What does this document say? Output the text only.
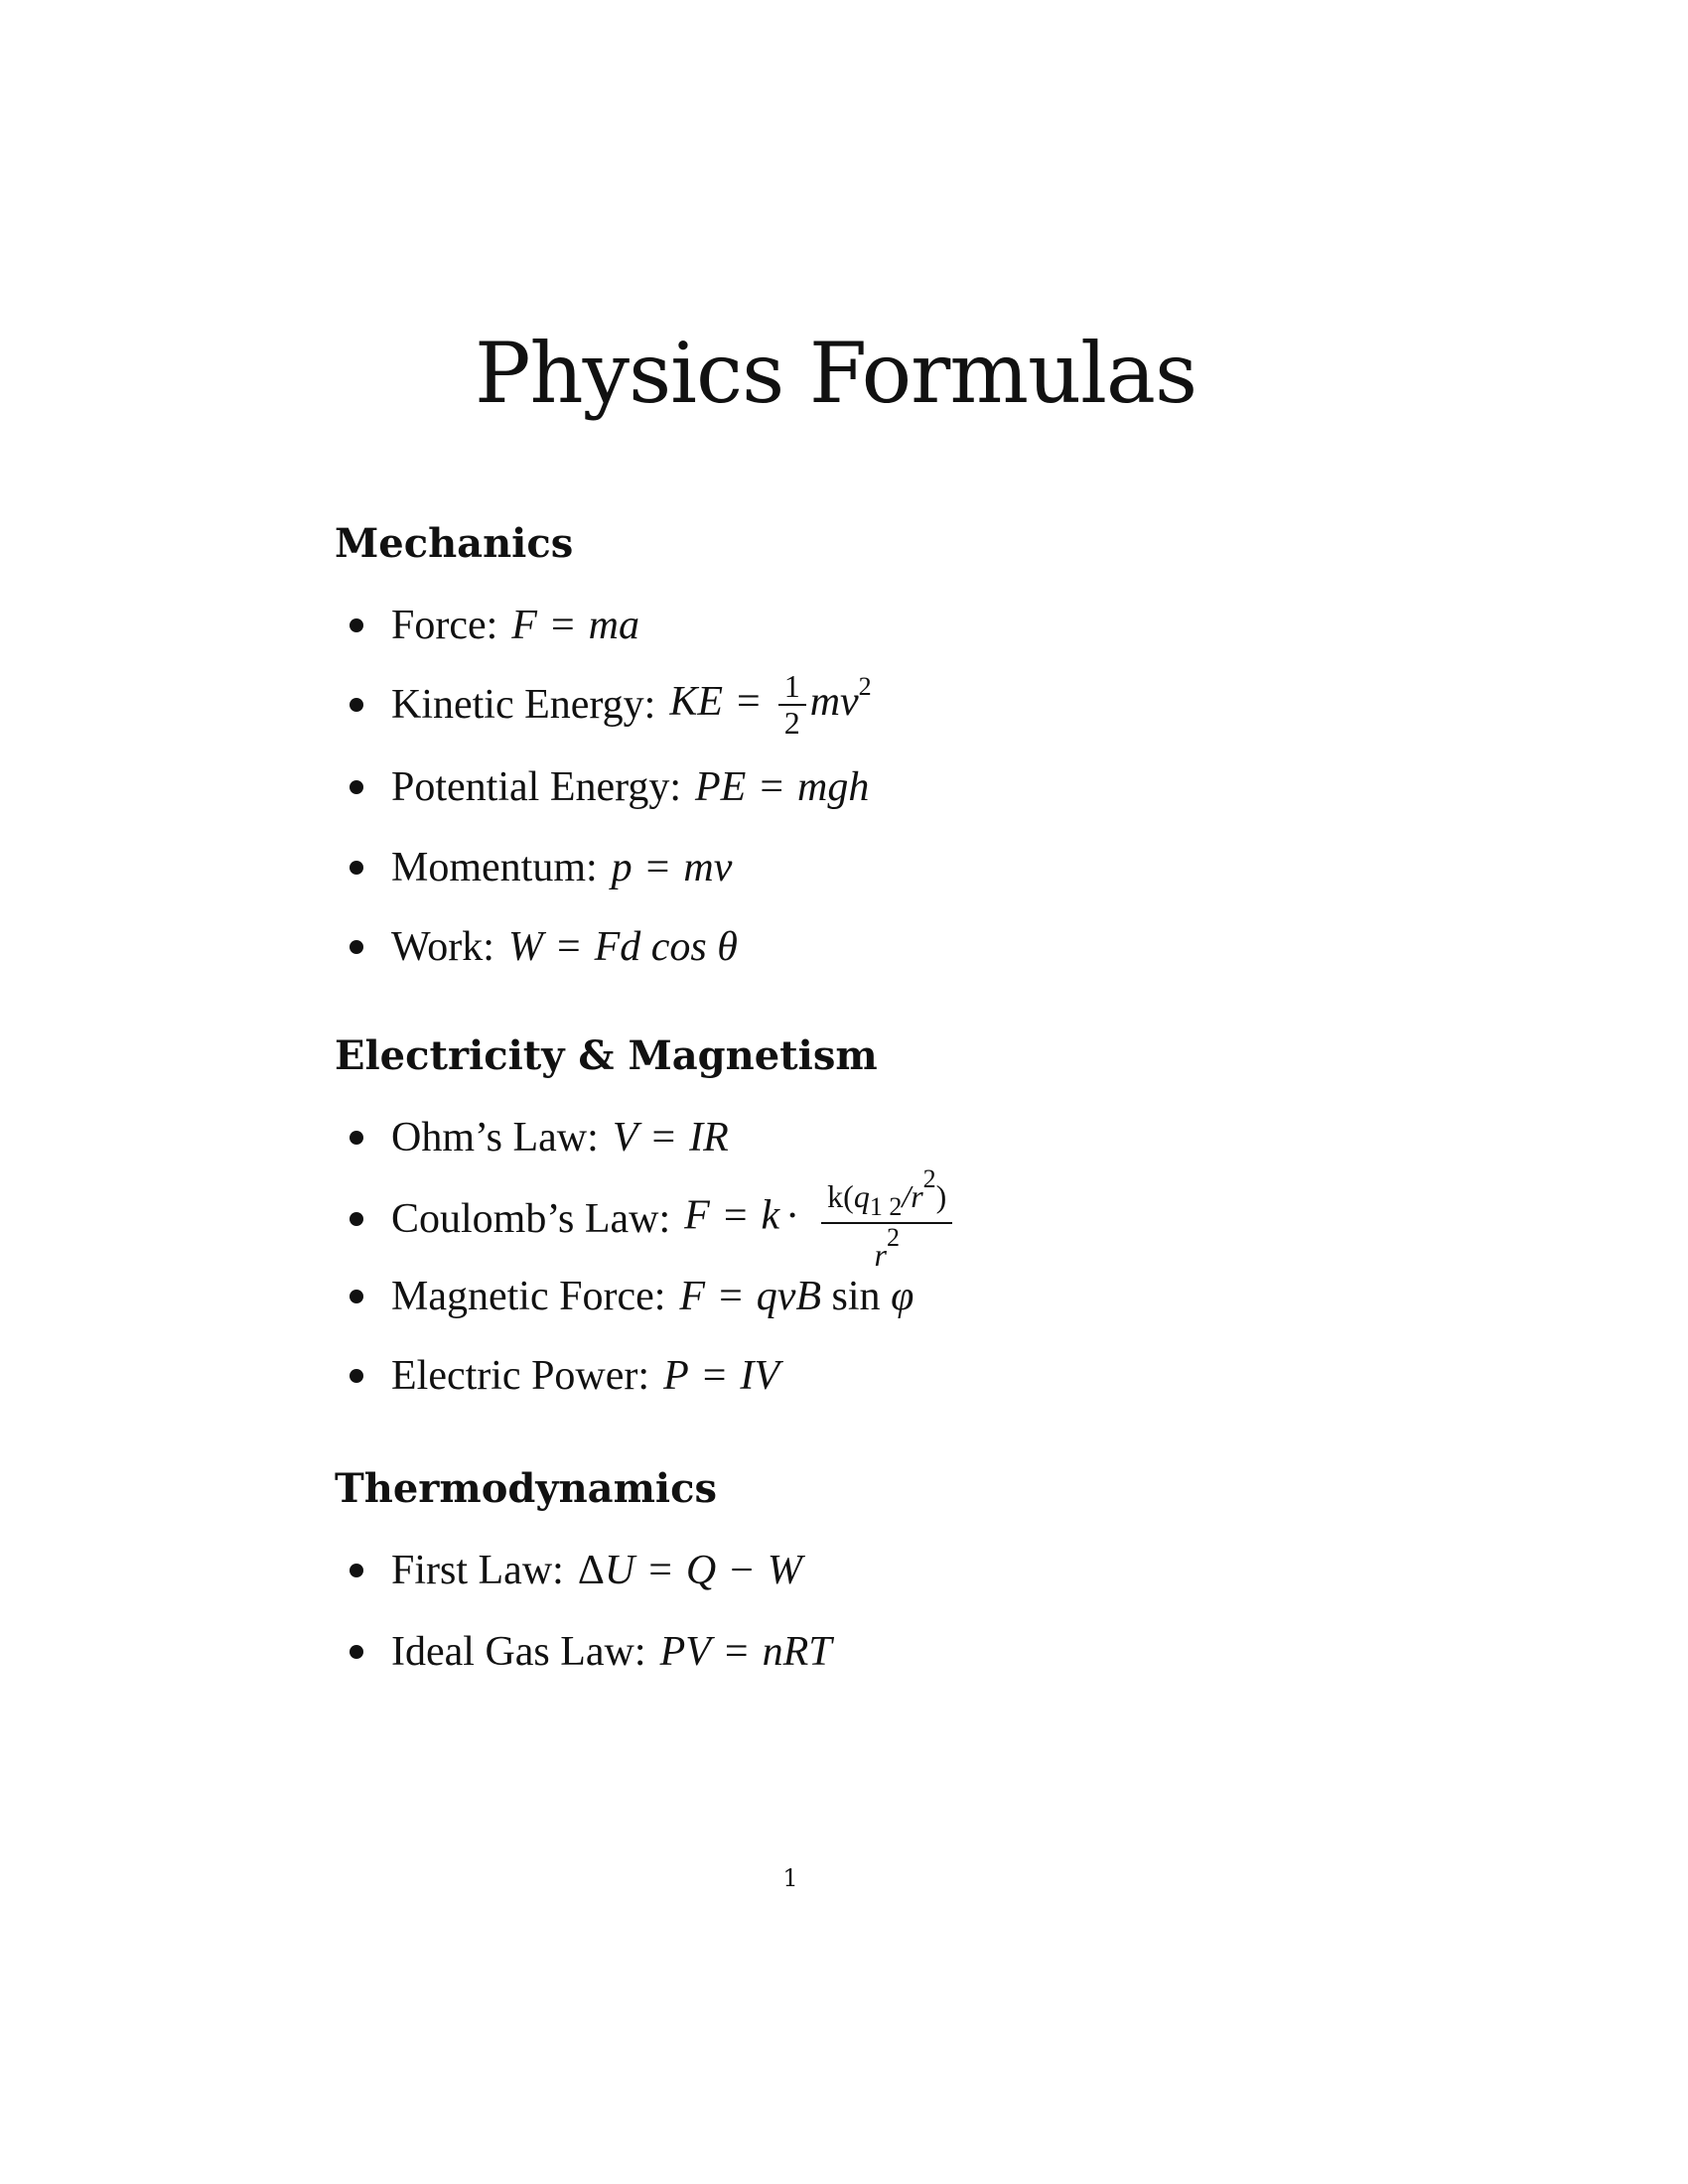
Physics Formulas
Mechanics
Force: F = ma
Kinetic Energy: KE = $\frac{1}{2} mv^2$
Potential Energy: PE = mgh
Momentum: p = mv
Work: W = Fd cos θ
Electricity & Magnetism
Ohm’s Law: V = IR
Coulomb’s Law: $F = k \cdot \frac{k(q_{1 2}/r^2)}{r^2}$
Magnetic Force: F = qvB sin φ
Electric Power: P = IV
Thermodynamics
First Law: ΔU = Q − W
Ideal Gas Law: PV = nRT
1
